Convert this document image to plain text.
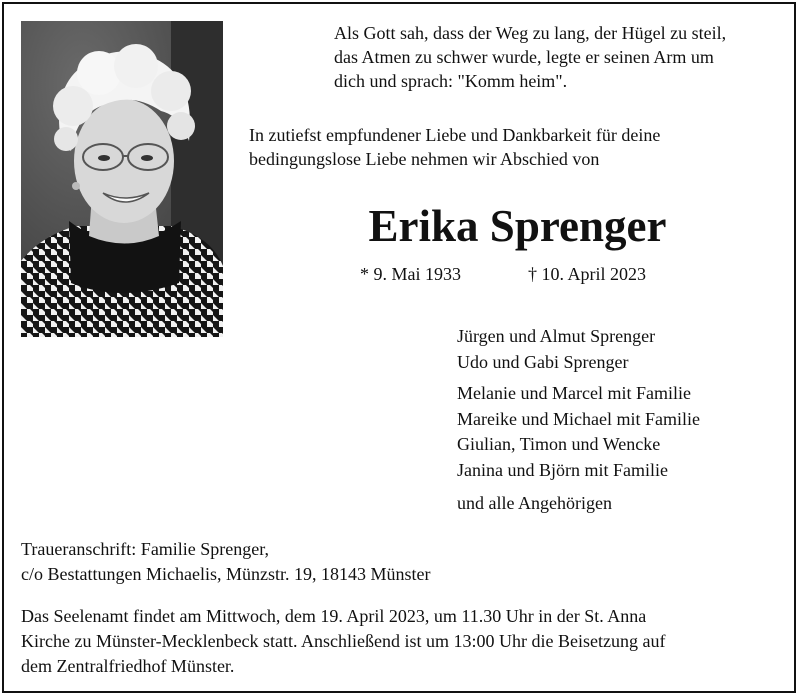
Als Gott sah, dass der Weg zu lang, der Hügel zu steil,
das Atmen zu schwer wurde, legte er seinen Arm um
dich und sprach: "Komm heim".

In zutiefst empfundener Liebe und Dankbarkeit für deine
bedingungslose Liebe nehmen wir Abschied von

Erika Sprenger
* 9. Mai 1933	† 10. April 2023
Jürgen und Almut Sprenger
Udo und Gabi Sprenger
Melanie und Marcel mit Familie
Mareike und Michael mit Familie
Giulian, Timon und Wencke
Janina und Björn mit Familie
und alle Angehörigen

Traueranschrift: Familie Sprenger,
c/o Bestattungen Michaelis, Münzstr. 19, 18143 Münster

Das Seelenamt findet am Mittwoch, dem 19. April 2023, um 11.30 Uhr in der St. Anna
Kirche zu Münster-Mecklenbeck statt. Anschließend ist um 13:00 Uhr die Beisetzung auf
dem Zentralfriedhof Münster.
